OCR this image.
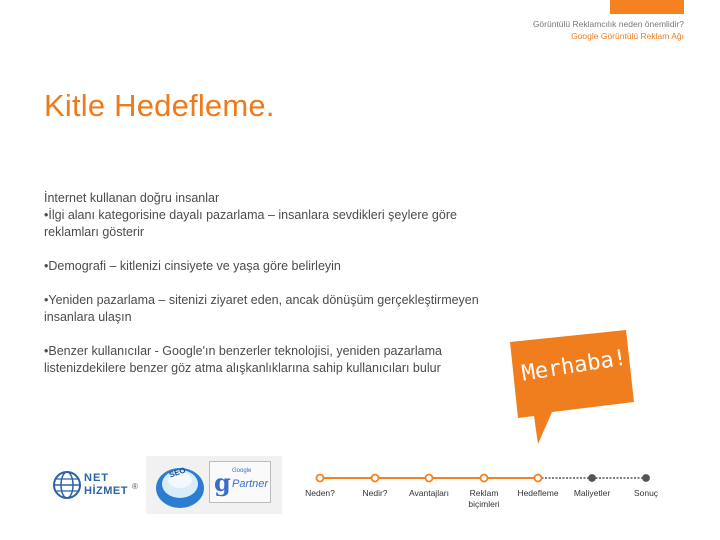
Görüntülü Reklamcılık neden önemlidir?
Google Görüntülü Reklam Ağı
Kitle Hedefleme.

İnternet kullanan doğru insanlar

•İlgi alanı kategorisine dayalı pazarlama – insanlara sevdikleri şeylere göre reklamları gösterir

•Demografi – kitlenizi cinsiyete ve yaşa göre belirleyin

•Yeniden pazarlama – sitenizi ziyaret eden, ancak dönüşüm gerçekleştirmeyen insanlara ulaşın

•Benzer kullanıcılar - Google'ın benzerler teknolojisi, yeniden pazarlama listenizdekilere benzer göz atma alışkanlıklarına sahip kullanıcıları bulur	Merhaba!
NET
HİZMET ®
SEO g Google
Partner
Neden?	Nedir?	Avantajları	Reklam biçimleri
Hedefleme Maliyetler	Sonuç
